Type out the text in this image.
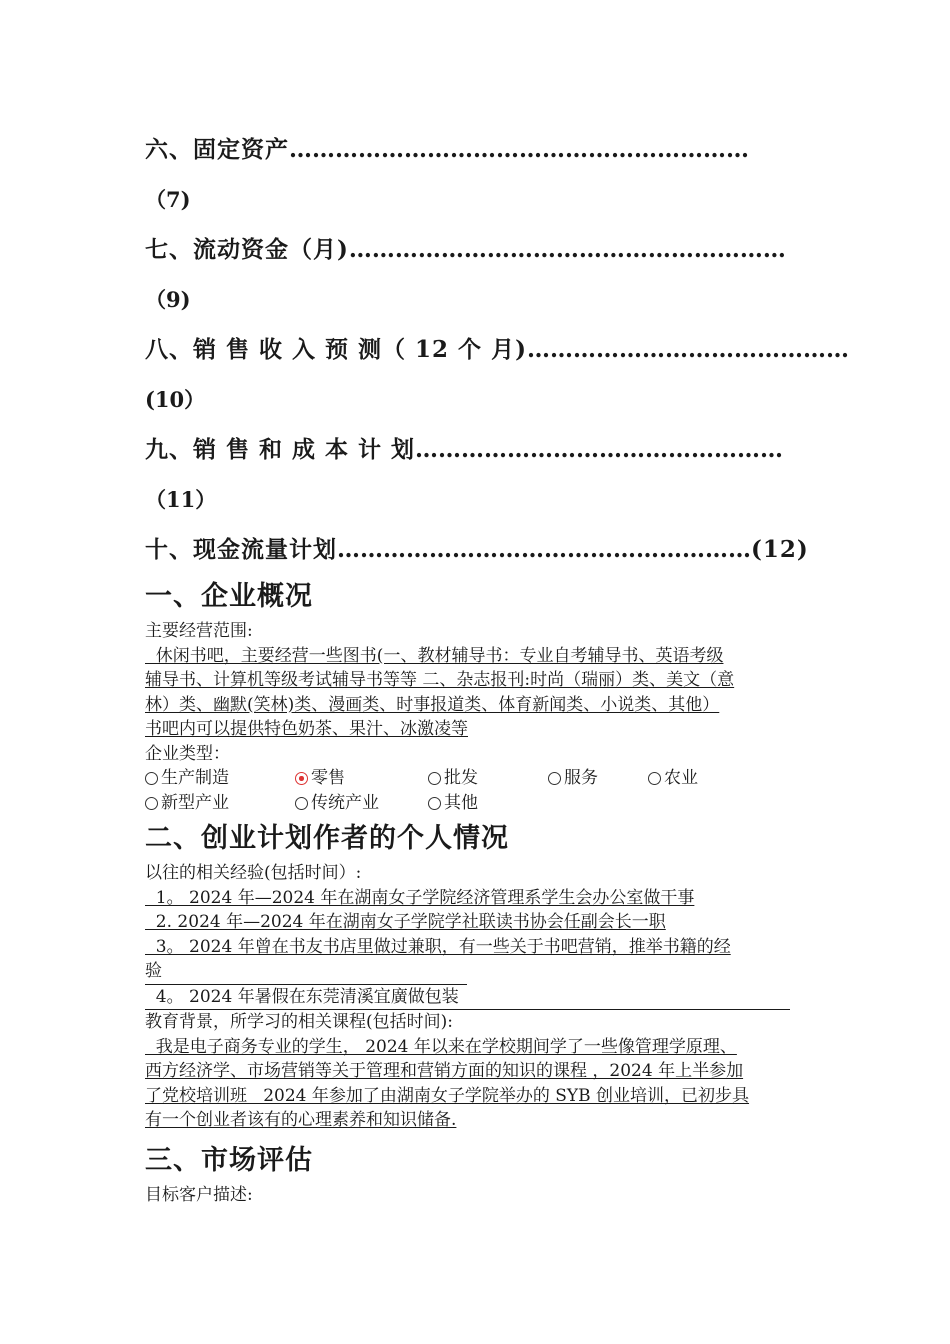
六、固定资产 ……………………………………………………
（7)
七、流动资金（月) …………………………………………………
（9)
八、销 售 收 入 预 测（ 12 个 月) ……………………………………
(10）
九、销 售 和 成 本 计 划 …………………………………………
（11）
十、现金流量计划 ……………………………………………… (12)
一、企业概况

主要经营范围:

休闲书吧，主要经营一些图书(一、教材辅导书：专业自考辅导书、英语考级
辅导书、计算机等级考试辅导书等等 二、杂志报刊:时尚（瑞丽）类、美文（意
林）类、幽默(笑林)类、漫画类、时事报道类、体育新闻类、小说类、其他）
书吧内可以提供特色奶茶、果汁、冰激凌等

企业类型：

生产制造	零售	批发	服务	农业
新型产业	传统产业	其他
二、创业计划作者的个人情况

以往的相关经验(包括时间）:

1。 2024 年—2024 年在湖南女子学院经济管理系学生会办公室做干事
2. 2024 年—2024 年在湖南女子学院学社联读书协会任副会长一职
3。 2024 年曾在书友书店里做过兼职，有一些关于书吧营销，推举书籍的经
验
4。 2024 年暑假在东莞清溪宜廣做包装

教育背景，所学习的相关课程(包括时间):

我是电子商务专业的学生， 2024 年以来在学校期间学了一些像管理学原理、
西方经济学、市场营销等关于管理和营销方面的知识的课程 ，2024 年上半参加
了党校培训班   2024 年参加了由湖南女子学院举办的 SYB 创业培训，已初步具
有一个创业者该有的心理素养和知识储备.
三、市场评估

目标客户描述:
